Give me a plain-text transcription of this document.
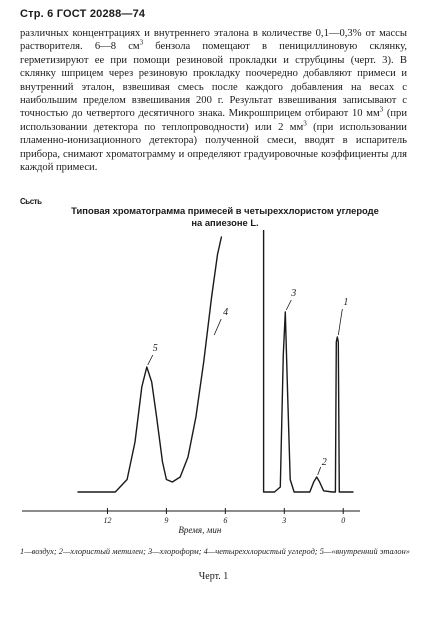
Стр. 6 ГОСТ 20288—74

различных концентрациях и внутреннего эталона в количестве 0,1—0,3% от массы растворителя. 6—8 $см^3$ бензола помещают в пенициллиновую склянку, герметизируют ее при помощи резиновой прокладки и струбцины (черт. 3). В склянку шприцем через резиновую прокладку поочередно добавляют примеси и внутренний эталон, взвешивая смесь после каждого добавления на весах с наибольшим пределом взвешивания 200 г. Результат взвешивания записывают с точностью до четвертого десятичного знака. Микрошприцем отбирают 10 $мм^3$ (при использовании детектора по теплопроводности) или 2 $мм^3$ (при использовании пламенно-ионизационного детектора) полученной смеси, вводят в испаритель прибора, снимают хроматограмму и определяют градуировочные коэффициенты для каждой примеси.

Сьсть
Типовая хроматограмма примесей в четыреххлористом углероде
на апиезоне L.
12	9	6	3	0
Время, мин
1
2
3
4
5
1—воздух; 2—хлористый метилен; 3—хлороформ; 4—четыреххлористый углерод; 5—«внутренний эталон»
Черт. 1
